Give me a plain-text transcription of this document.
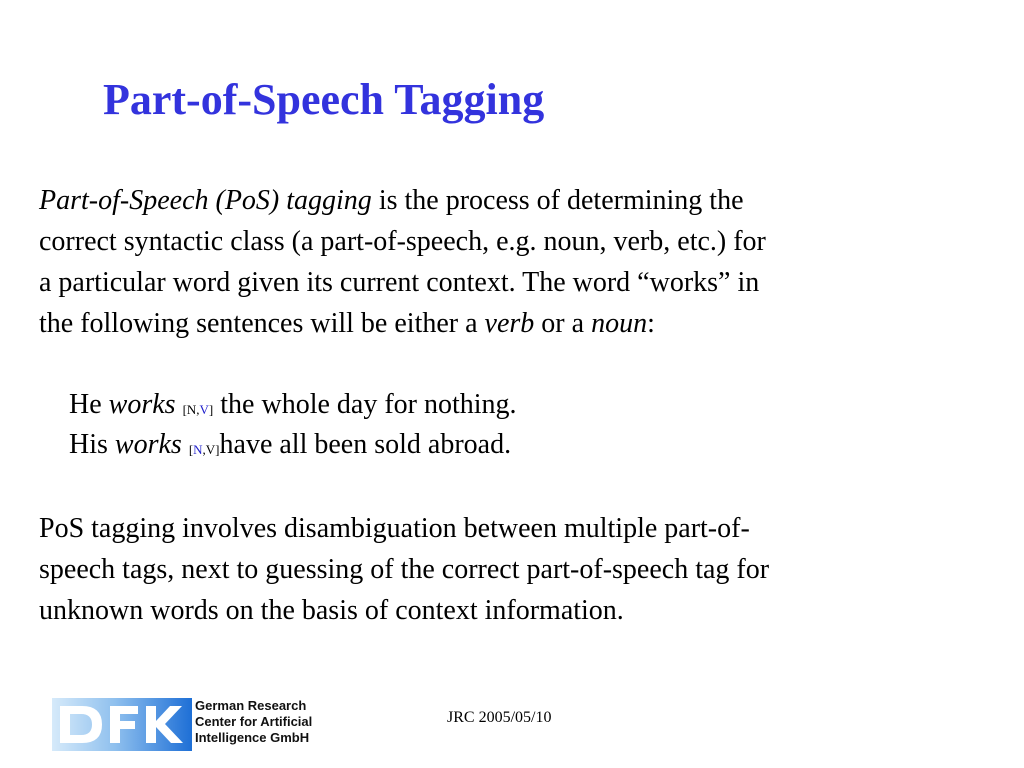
Part-of-Speech Tagging
Part-of-Speech (PoS) tagging is the process of determining the
correct syntactic class (a part-of-speech, e.g. noun, verb, etc.) for
a particular word given its current context. The word “works” in
the following sentences will be either a verb or a noun:
He works [N,V] the whole day for nothing.
His works [N,V]have all been sold abroad.
PoS tagging involves disambiguation between multiple part-of-
speech tags, next to guessing of the correct part-of-speech tag for
unknown words on the basis of context information.
German Research
Center for Artificial
Intelligence GmbH
JRC 2005/05/10
